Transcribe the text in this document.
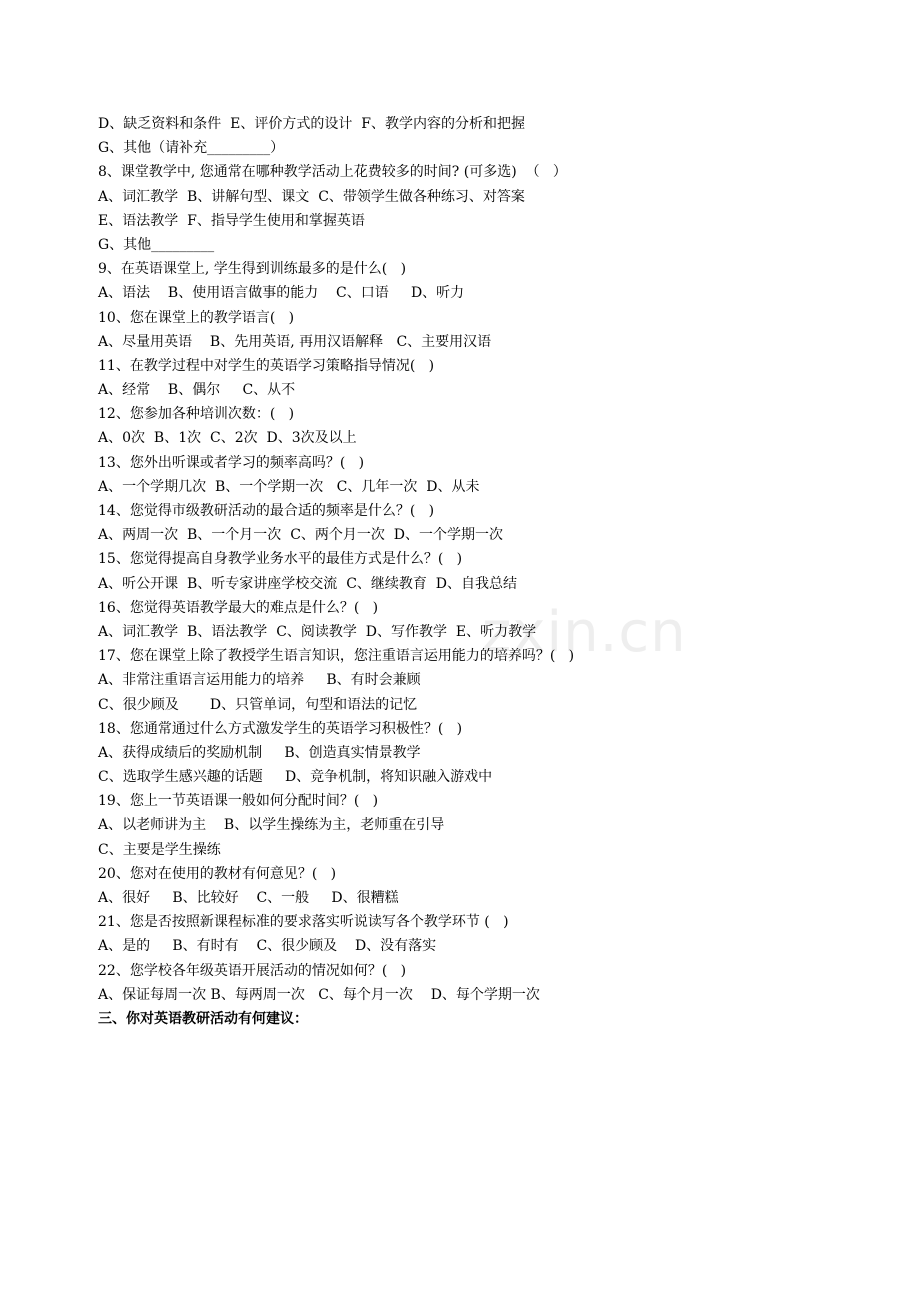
zxin.cn
D、缺乏资料和条件  E、评价方式的设计  F、教学内容的分析和把握
G、其他（请补充_________）
8、课堂教学中, 您通常在哪种教学活动上花费较多的时间? (可多选)  （   ）
A、词汇教学  B、讲解句型、课文  C、带领学生做各种练习、对答案
E、语法教学  F、指导学生使用和掌握英语
G、其他_________
9、在英语课堂上, 学生得到训练最多的是什么(   )
A、语法    B、使用语言做事的能力    C、口语     D、听力
10、您在课堂上的教学语言(   )
A、尽量用英语    B、先用英语, 再用汉语解释   C、主要用汉语
11、在教学过程中对学生的英语学习策略指导情况(   )
A、经常    B、偶尔     C、从不
12、您参加各种培训次数：(   )
A、0次  B、1次  C、2次  D、3次及以上
13、您外出听课或者学习的频率高吗？(   )
A、一个学期几次  B、一个学期一次   C、几年一次  D、从未
14、您觉得市级教研活动的最合适的频率是什么？(   )
A、两周一次  B、一个月一次  C、两个月一次  D、一个学期一次
15、您觉得提高自身教学业务水平的最佳方式是什么？(   )
A、听公开课  B、听专家讲座学校交流  C、继续教育  D、自我总结
16、您觉得英语教学最大的难点是什么？(   )
A、词汇教学  B、语法教学  C、阅读教学  D、写作教学  E、听力教学
17、您在课堂上除了教授学生语言知识，您注重语言运用能力的培养吗？(   )
A、非常注重语言运用能力的培养     B、有时会兼顾
C、很少顾及       D、只管单词，句型和语法的记忆
18、您通常通过什么方式激发学生的英语学习积极性？(   )
A、获得成绩后的奖励机制     B、创造真实情景教学
C、选取学生感兴趣的话题     D、竞争机制，将知识融入游戏中
19、您上一节英语课一般如何分配时间？(   )
A、以老师讲为主    B、以学生操练为主，老师重在引导
C、主要是学生操练
20、您对在使用的教材有何意见？(   )
A、很好     B、比较好    C、一般     D、很糟糕
21、您是否按照新课程标准的要求落实听说读写各个教学环节 (   )
A、是的     B、有时有    C、很少顾及    D、没有落实
22、您学校各年级英语开展活动的情况如何？(   )
A、保证每周一次 B、每两周一次   C、每个月一次    D、每个学期一次
三、你对英语教研活动有何建议：
